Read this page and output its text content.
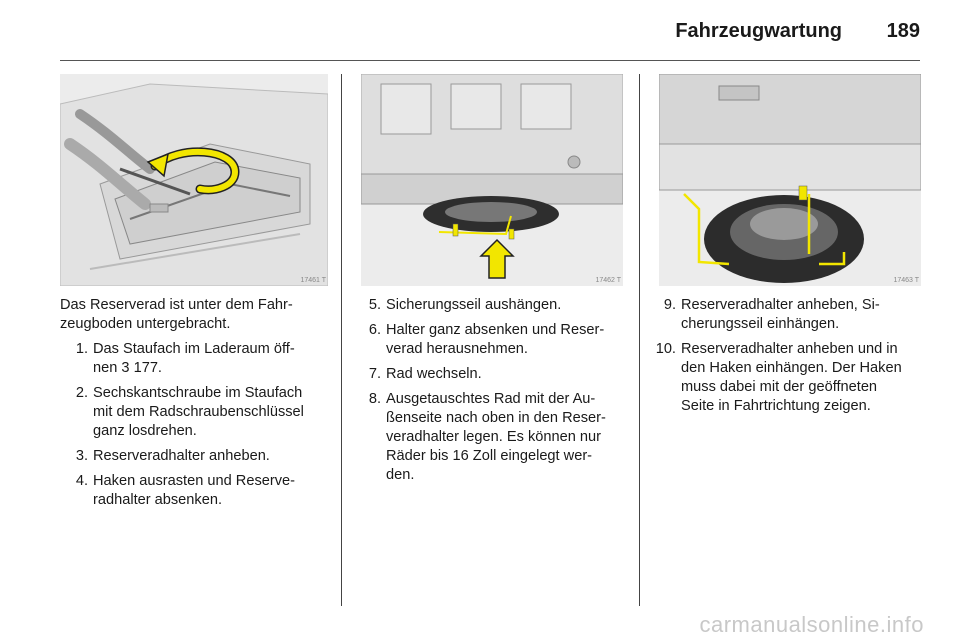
Fahrzeugwartung 189
17461 T	17462 T	17463 T

Das Reserverad ist unter dem Fahr-
zeugboden untergebracht.

1. Das Staufach im Laderaum öff-
nen 3 177.
2. Sechskantschraube im Staufach
mit dem Radschraubenschlüssel
ganz losdrehen.
3. Reserveradhalter anheben.
4. Haken ausrasten und Reserve-
radhalter absenken.
5. Sicherungsseil aushängen.
6. Halter ganz absenken und Reser-
verad herausnehmen.
7. Rad wechseln.
8. Ausgetauschtes Rad mit der Au-
ßenseite nach oben in den Reser-
veradhalter legen. Es können nur
Räder bis 16 Zoll eingelegt wer-
den.
9. Reserveradhalter anheben, Si-
cherungsseil einhängen.
10. Reserveradhalter anheben und in
den Haken einhängen. Der Haken
muss dabei mit der geöffneten
Seite in Fahrtrichtung zeigen.
carmanualsonline.info
